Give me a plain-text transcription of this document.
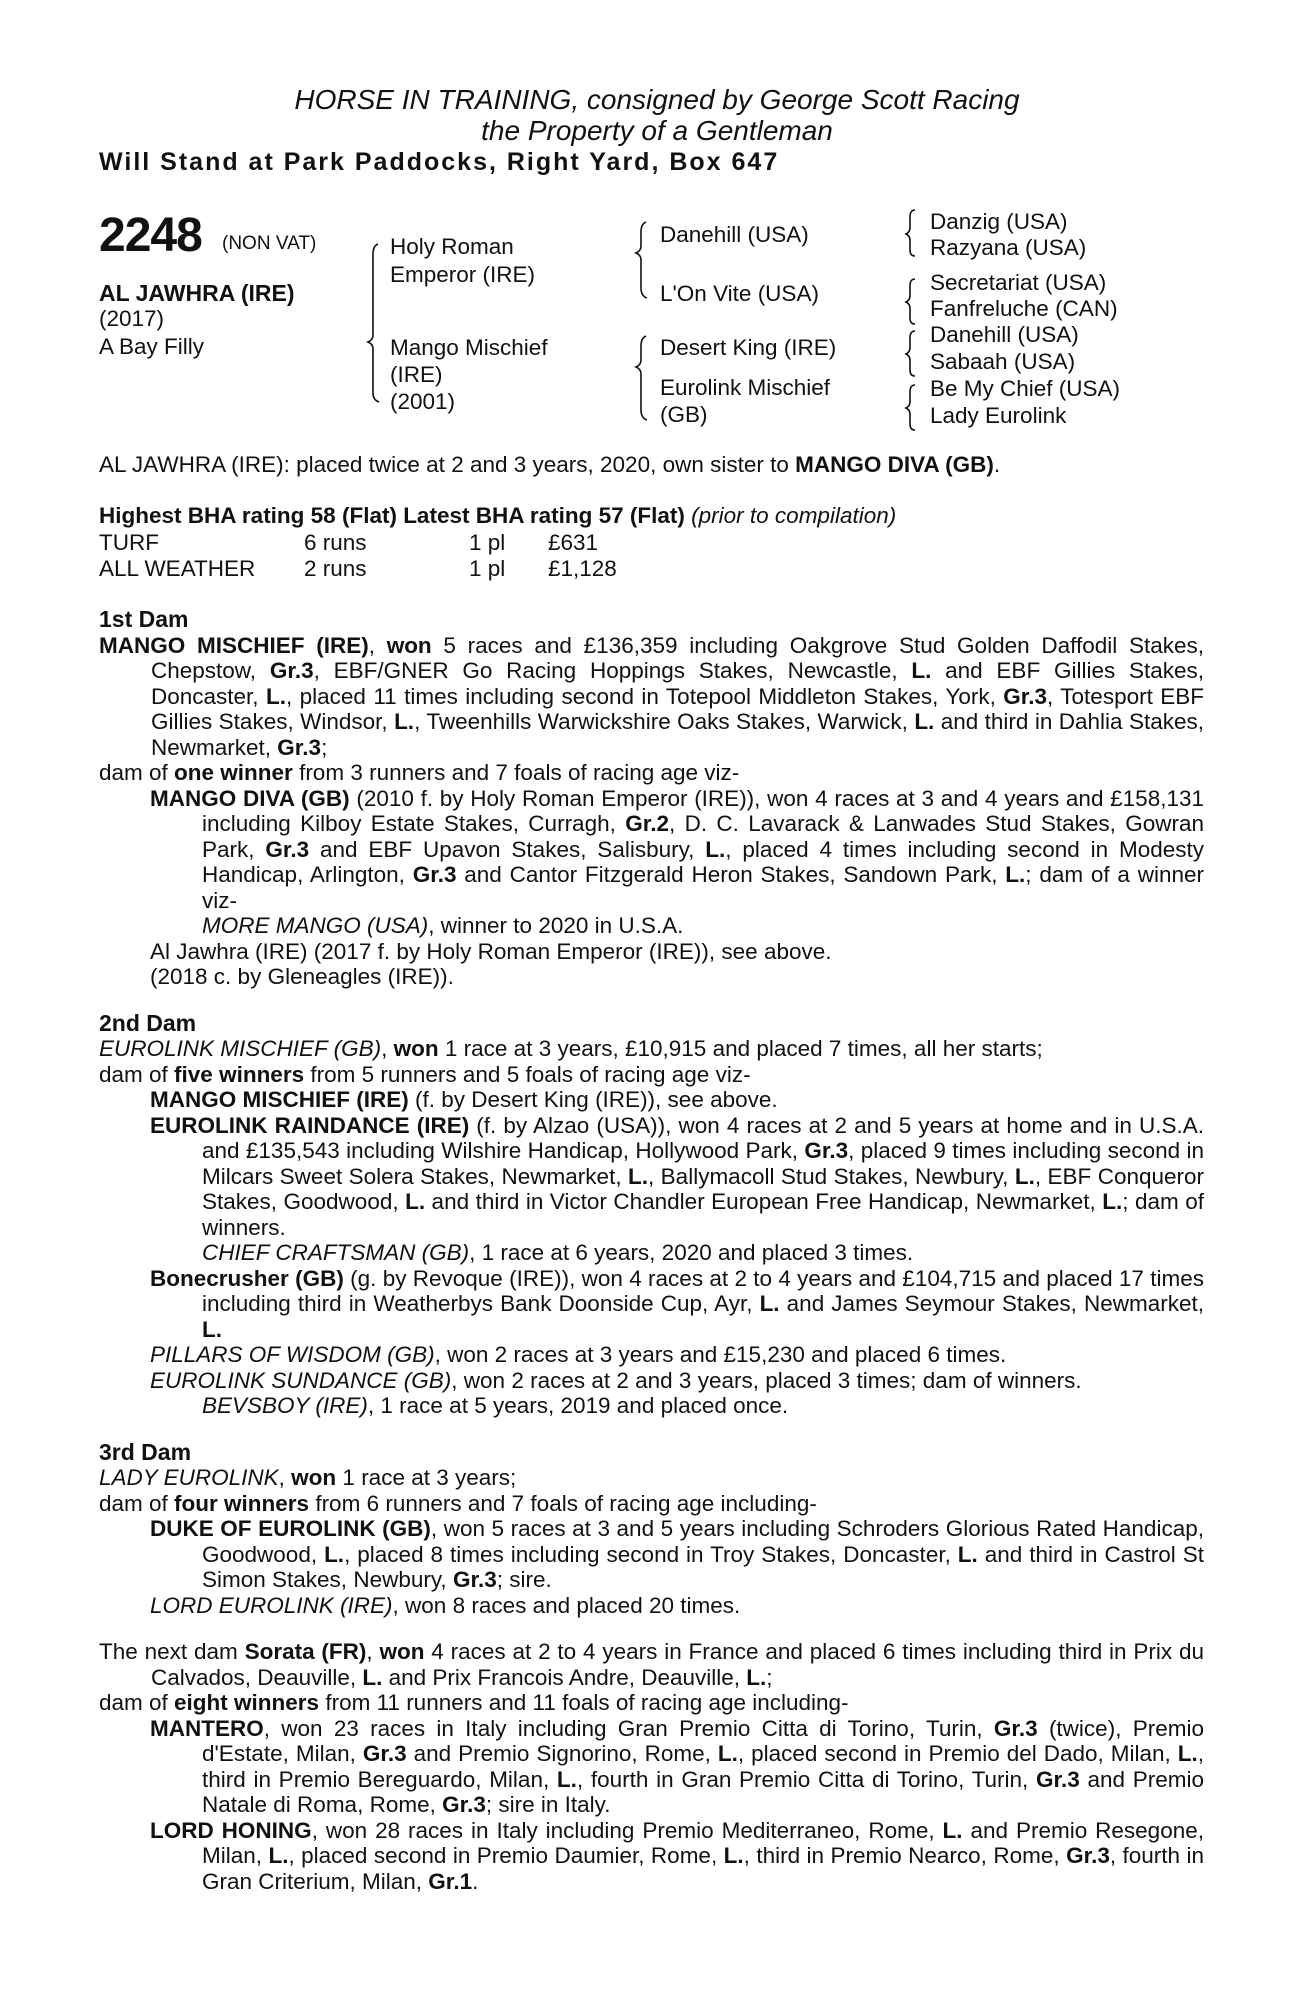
HORSE IN TRAINING, consigned by George Scott Racing
the Property of a Gentleman
Will Stand at Park Paddocks, Right Yard, Box 647
2248 (NON VAT)
AL JAWHRA (IRE)
(2017)
A Bay Filly
Holy Roman
Emperor (IRE)
Mango Mischief
(IRE)
(2001)
Danehill (USA)
L'On Vite (USA)
Desert King (IRE)
Eurolink Mischief
(GB)
Danzig (USA)
Razyana (USA)
Secretariat (USA)
Fanfreluche (CAN)
Danehill (USA)
Sabaah (USA)
Be My Chief (USA)
Lady Eurolink
AL JAWHRA (IRE): placed twice at 2 and 3 years, 2020, own sister to MANGO DIVA (GB).
Highest BHA rating 58 (Flat) Latest BHA rating 57 (Flat) (prior to compilation)
TURF
ALL WEATHER
6 runs
2 runs
1 pl
1 pl
£631
£1,128
1st Dam
MANGO MISCHIEF (IRE), won 5 races and £136,359 including Oakgrove Stud Golden Daffodil Stakes, Chepstow, Gr.3, EBF/GNER Go Racing Hoppings Stakes, Newcastle, L. and EBF Gillies Stakes, Doncaster, L., placed 11 times including second in Totepool Middleton Stakes, York, Gr.3, Totesport EBF Gillies Stakes, Windsor, L., Tweenhills Warwickshire Oaks Stakes, Warwick, L. and third in Dahlia Stakes, Newmarket, Gr.3;
dam of one winner from 3 runners and 7 foals of racing age viz-
MANGO DIVA (GB) (2010 f. by Holy Roman Emperor (IRE)), won 4 races at 3 and 4 years and £158,131 including Kilboy Estate Stakes, Curragh, Gr.2, D. C. Lavarack & Lanwades Stud Stakes, Gowran Park, Gr.3 and EBF Upavon Stakes, Salisbury, L., placed 4 times including second in Modesty Handicap, Arlington, Gr.3 and Cantor Fitzgerald Heron Stakes, Sandown Park, L.; dam of a winner viz-
MORE MANGO (USA), winner to 2020 in U.S.A.
Al Jawhra (IRE) (2017 f. by Holy Roman Emperor (IRE)), see above.
(2018 c. by Gleneagles (IRE)).
2nd Dam
EUROLINK MISCHIEF (GB), won 1 race at 3 years, £10,915 and placed 7 times, all her starts;
dam of five winners from 5 runners and 5 foals of racing age viz-
MANGO MISCHIEF (IRE) (f. by Desert King (IRE)), see above.
EUROLINK RAINDANCE (IRE) (f. by Alzao (USA)), won 4 races at 2 and 5 years at home and in U.S.A. and £135,543 including Wilshire Handicap, Hollywood Park, Gr.3, placed 9 times including second in Milcars Sweet Solera Stakes, Newmarket, L., Ballymacoll Stud Stakes, Newbury, L., EBF Conqueror Stakes, Goodwood, L. and third in Victor Chandler European Free Handicap, Newmarket, L.; dam of winners.
CHIEF CRAFTSMAN (GB), 1 race at 6 years, 2020 and placed 3 times.
Bonecrusher (GB) (g. by Revoque (IRE)), won 4 races at 2 to 4 years and £104,715 and placed 17 times including third in Weatherbys Bank Doonside Cup, Ayr, L. and James Seymour Stakes, Newmarket, L.
PILLARS OF WISDOM (GB), won 2 races at 3 years and £15,230 and placed 6 times.
EUROLINK SUNDANCE (GB), won 2 races at 2 and 3 years, placed 3 times; dam of winners.
BEVSBOY (IRE), 1 race at 5 years, 2019 and placed once.
3rd Dam
LADY EUROLINK, won 1 race at 3 years;
dam of four winners from 6 runners and 7 foals of racing age including-
DUKE OF EUROLINK (GB), won 5 races at 3 and 5 years including Schroders Glorious Rated Handicap, Goodwood, L., placed 8 times including second in Troy Stakes, Doncaster, L. and third in Castrol St Simon Stakes, Newbury, Gr.3; sire.
LORD EUROLINK (IRE), won 8 races and placed 20 times.
The next dam Sorata (FR), won 4 races at 2 to 4 years in France and placed 6 times including third in Prix du Calvados, Deauville, L. and Prix Francois Andre, Deauville, L.;
dam of eight winners from 11 runners and 11 foals of racing age including-
MANTERO, won 23 races in Italy including Gran Premio Citta di Torino, Turin, Gr.3 (twice), Premio d'Estate, Milan, Gr.3 and Premio Signorino, Rome, L., placed second in Premio del Dado, Milan, L., third in Premio Bereguardo, Milan, L., fourth in Gran Premio Citta di Torino, Turin, Gr.3 and Premio Natale di Roma, Rome, Gr.3; sire in Italy.
LORD HONING, won 28 races in Italy including Premio Mediterraneo, Rome, L. and Premio Resegone, Milan, L., placed second in Premio Daumier, Rome, L., third in Premio Nearco, Rome, Gr.3, fourth in Gran Criterium, Milan, Gr.1.
